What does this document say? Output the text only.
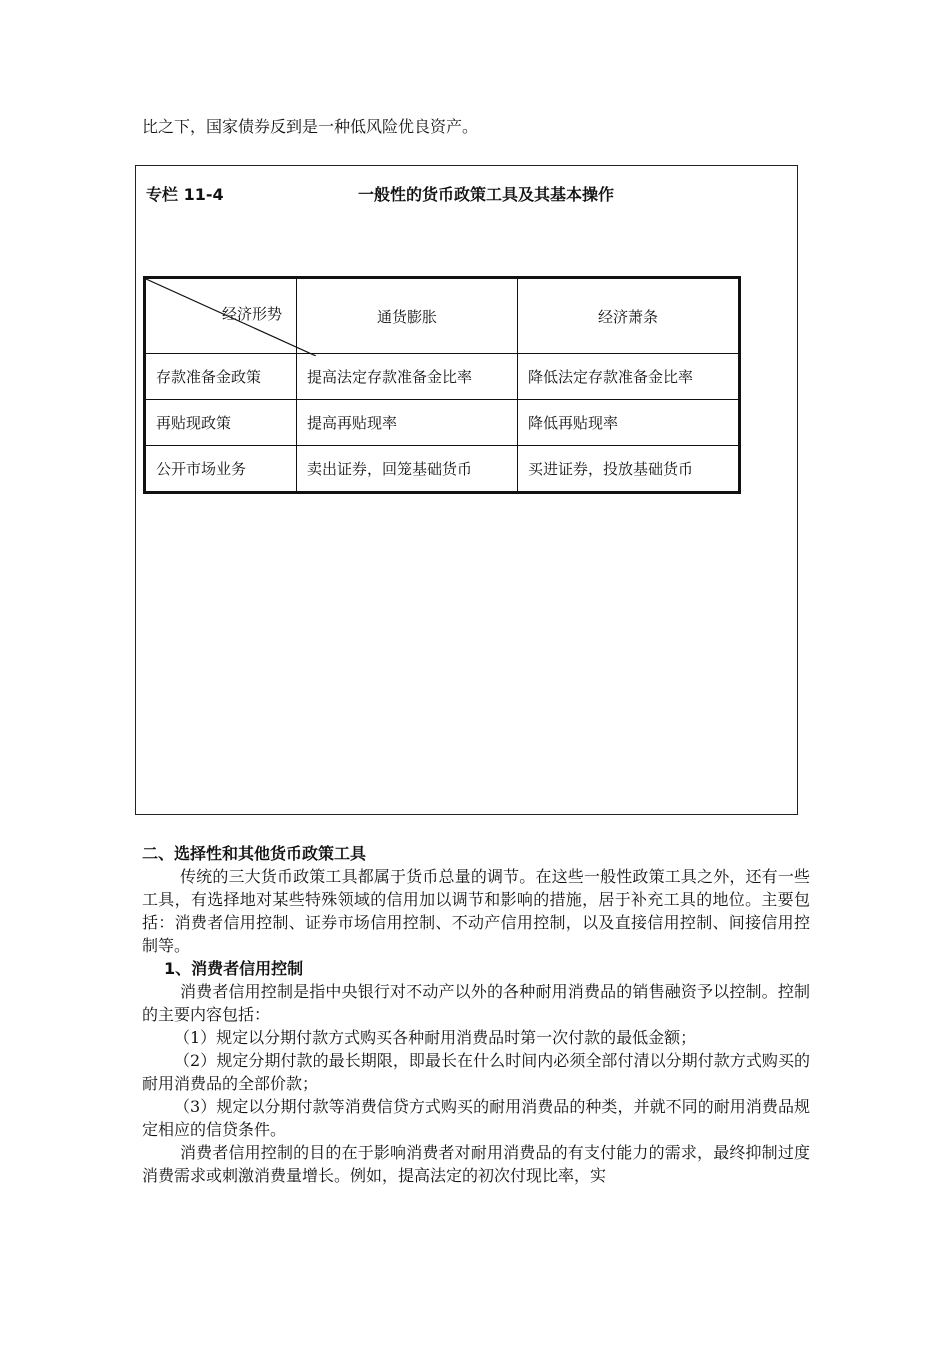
比之下，国家债券反到是一种低风险优良资产。
专栏 11-4	一般性的货币政策工具及其基本操作
经济形势	通货膨胀	经济萧条
存款准备金政策	提高法定存款准备金比率	降低法定存款准备金比率
再贴现政策	提高再贴现率	降低再贴现率
公开市场业务	卖出证券，回笼基础货币	买进证券，投放基础货币

二、选择性和其他货币政策工具

传统的三大货币政策工具都属于货币总量的调节。在这些一般性政策工具之外，还有一些工具，有选择地对某些特殊领域的信用加以调节和影响的措施，居于补充工具的地位。主要包括：消费者信用控制、证券市场信用控制、不动产信用控制，以及直接信用控制、间接信用控制等。

1、消费者信用控制

消费者信用控制是指中央银行对不动产以外的各种耐用消费品的销售融资予以控制。控制的主要内容包括：

（1）规定以分期付款方式购买各种耐用消费品时第一次付款的最低金额；

（2）规定分期付款的最长期限，即最长在什么时间内必须全部付清以分期付款方式购买的耐用消费品的全部价款；

（3）规定以分期付款等消费信贷方式购买的耐用消费品的种类，并就不同的耐用消费品规定相应的信贷条件。

消费者信用控制的目的在于影响消费者对耐用消费品的有支付能力的需求，最终抑制过度消费需求或刺激消费量增长。例如，提高法定的初次付现比率，实
